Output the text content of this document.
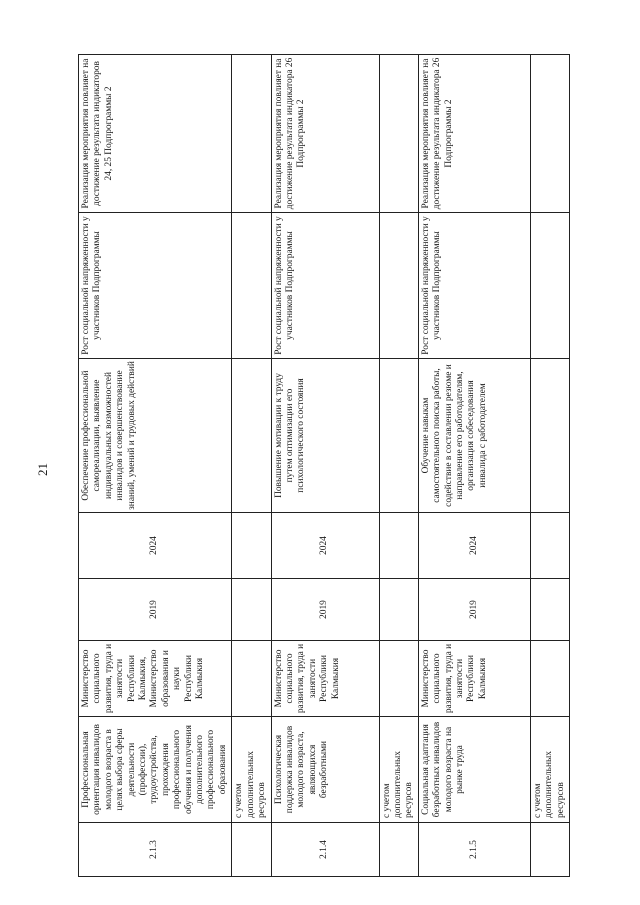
21
2.1.3	Профессиональная ориентация инвалидов молодого возраста в целях выбора сферы деятельности (профессии), трудоустройства, прохождения профессионального обучения и получения дополнительного профессионального образования	Министерство социального развития, труда и занятости Республики Калмыкия, Министерство образования и науки Республики Калмыкия	2019	2024	Обеспечение профессиональной самореализации, выявление индивидуальных возможностей инвалидов и совершенствование знаний, умений и трудовых действий	Рост социальной напряженности у участников Подпрограммы	Реализация мероприятия повлияет на достижение результата индикаторов 24, 25 Подпрограммы 2
	с учетом дополнительных ресурсов						
2.1.4	Психологическая поддержка инвалидов молодого возраста, являющихся безработными	Министерство социального развития, труда и занятости Республики Калмыкия	2019	2024	Повышение мотивации к труду путем оптимизации его психологического состояния	Рост социальной напряженности у участников Подпрограммы	Реализация мероприятия повлияет на достижение результата индикатора 26 Подпрограммы 2
	с учетом дополнительных ресурсов						
2.1.5	Социальная адаптация безработных инвалидов молодого возраста на рынке труда	Министерство социального развития, труда и занятости Республики Калмыкия	2019	2024	Обучение навыкам самостоятельного поиска работы, содействие в составлении резюме и направление его работодателям, организация собеседования инвалида с работодателем	Рост социальной напряженности у участников Подпрограммы	Реализация мероприятия повлияет на достижение результата индикатора 26 Подпрограммы 2
	с учетом дополнительных ресурсов						
